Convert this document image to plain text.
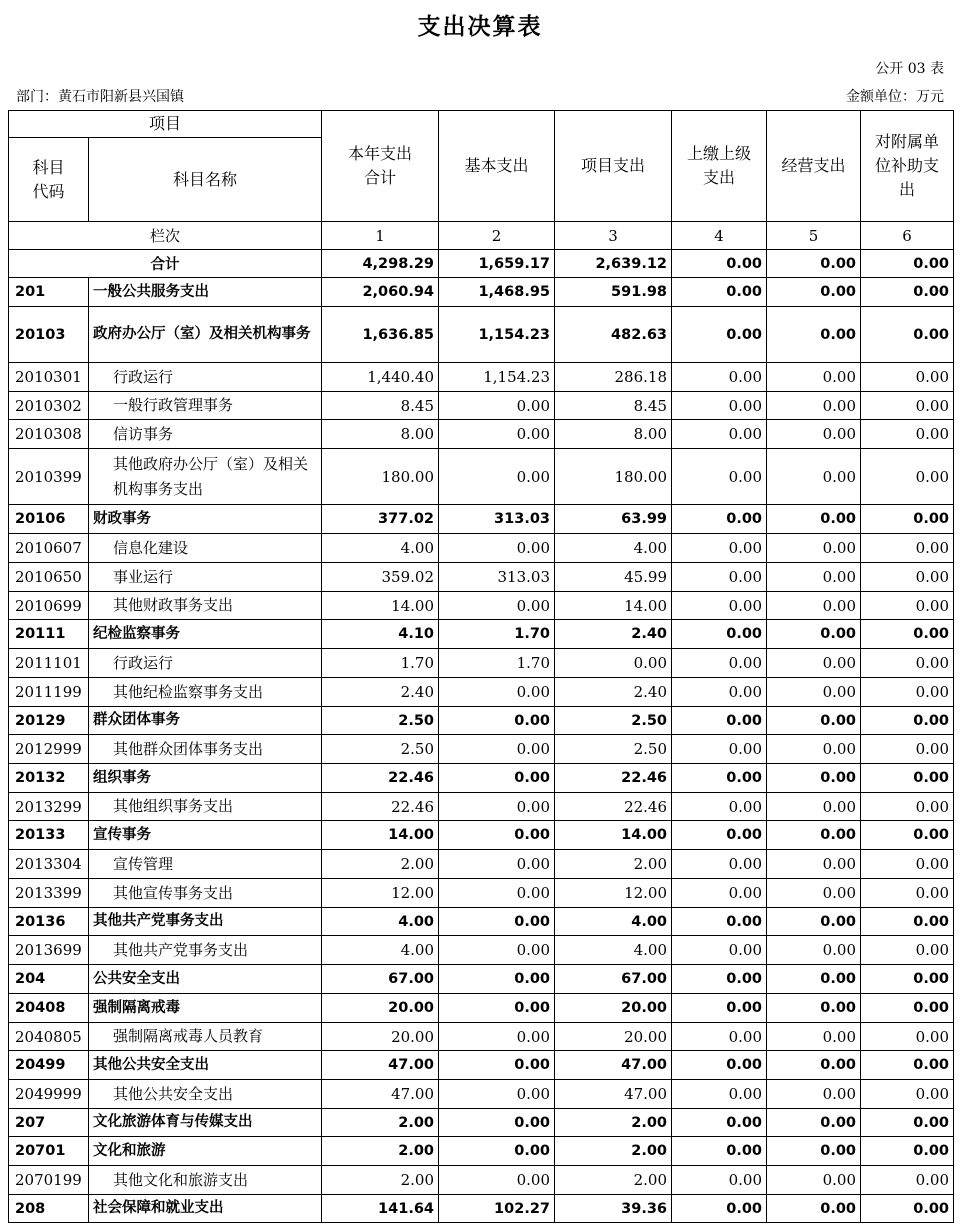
支出决算表
公开 03 表
部门：黄石市阳新县兴国镇	金额单位：万元
项目		本年支出合计	基本支出	项目支出	上缴上级支出	经营支出	对附属单位补助支出

科目代码	科目名称						
栏次		1	2	3	4	5	6
合计		4,298.29	1,659.17	2,639.12	0.00	0.00	0.00
201	一般公共服务支出	2,060.94	1,468.95	591.98	0.00	0.00	0.00
20103	政府办公厅（室）及相关机构事务	1,636.85	1,154.23	482.63	0.00	0.00	0.00
2010301	行政运行	1,440.40	1,154.23	286.18	0.00	0.00	0.00
2010302	一般行政管理事务	8.45	0.00	8.45	0.00	0.00	0.00
2010308	信访事务	8.00	0.00	8.00	0.00	0.00	0.00
2010399	其他政府办公厅（室）及相关机构事务支出	180.00	0.00	180.00	0.00	0.00	0.00
20106	财政事务	377.02	313.03	63.99	0.00	0.00	0.00
2010607	信息化建设	4.00	0.00	4.00	0.00	0.00	0.00
2010650	事业运行	359.02	313.03	45.99	0.00	0.00	0.00
2010699	其他财政事务支出	14.00	0.00	14.00	0.00	0.00	0.00
20111	纪检监察事务	4.10	1.70	2.40	0.00	0.00	0.00
2011101	行政运行	1.70	1.70	0.00	0.00	0.00	0.00
2011199	其他纪检监察事务支出	2.40	0.00	2.40	0.00	0.00	0.00
20129	群众团体事务	2.50	0.00	2.50	0.00	0.00	0.00
2012999	其他群众团体事务支出	2.50	0.00	2.50	0.00	0.00	0.00
20132	组织事务	22.46	0.00	22.46	0.00	0.00	0.00
2013299	其他组织事务支出	22.46	0.00	22.46	0.00	0.00	0.00
20133	宣传事务	14.00	0.00	14.00	0.00	0.00	0.00
2013304	宣传管理	2.00	0.00	2.00	0.00	0.00	0.00
2013399	其他宣传事务支出	12.00	0.00	12.00	0.00	0.00	0.00
20136	其他共产党事务支出	4.00	0.00	4.00	0.00	0.00	0.00
2013699	其他共产党事务支出	4.00	0.00	4.00	0.00	0.00	0.00
204	公共安全支出	67.00	0.00	67.00	0.00	0.00	0.00
20408	强制隔离戒毒	20.00	0.00	20.00	0.00	0.00	0.00
2040805	强制隔离戒毒人员教育	20.00	0.00	20.00	0.00	0.00	0.00
20499	其他公共安全支出	47.00	0.00	47.00	0.00	0.00	0.00
2049999	其他公共安全支出	47.00	0.00	47.00	0.00	0.00	0.00
207	文化旅游体育与传媒支出	2.00	0.00	2.00	0.00	0.00	0.00
20701	文化和旅游	2.00	0.00	2.00	0.00	0.00	0.00
2070199	其他文化和旅游支出	2.00	0.00	2.00	0.00	0.00	0.00
208	社会保障和就业支出	141.64	102.27	39.36	0.00	0.00	0.00
